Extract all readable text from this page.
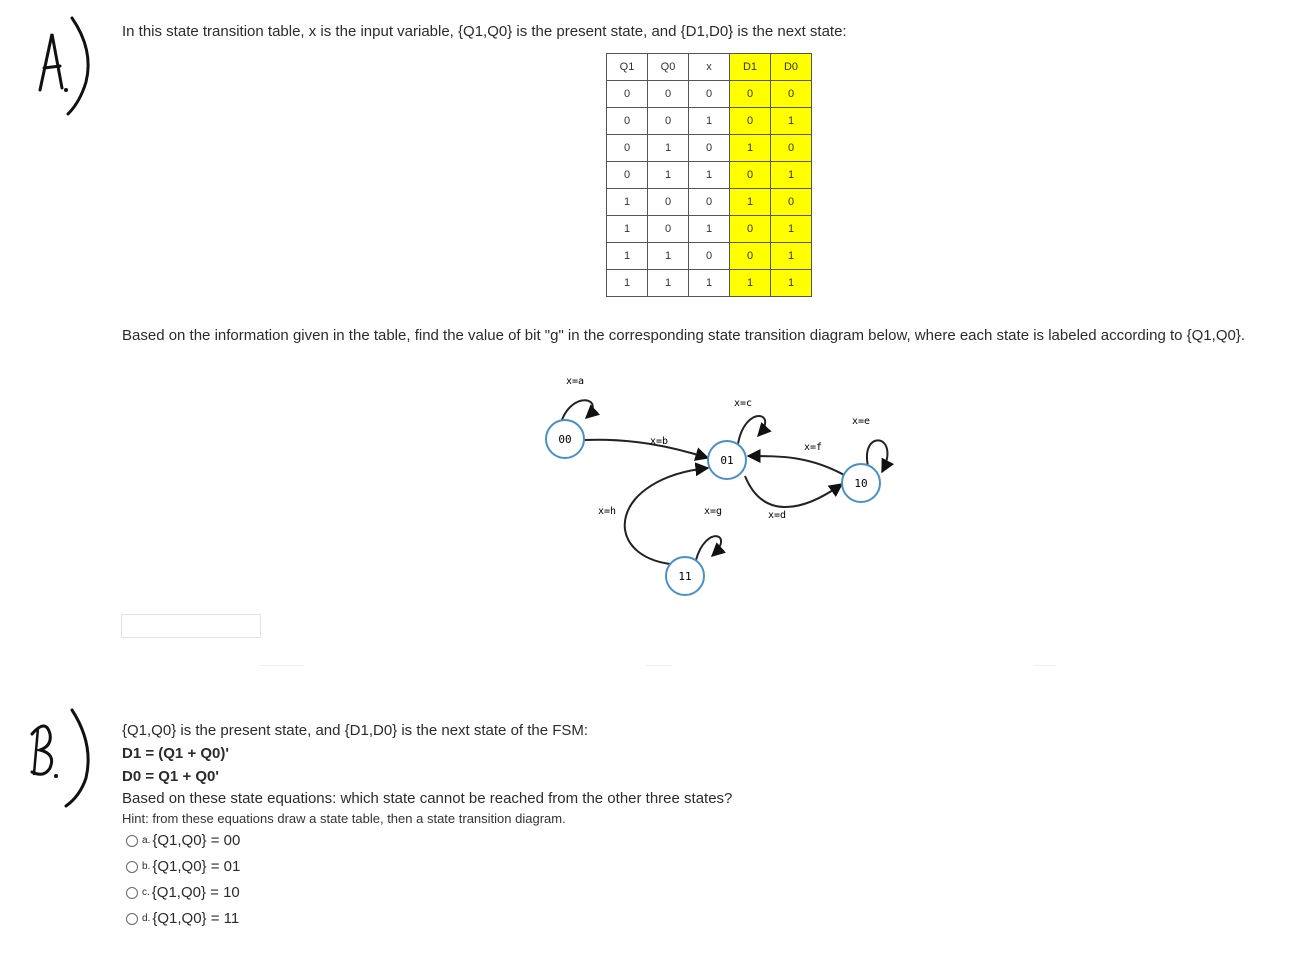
In this state transition table, x is the input variable, {Q1,Q0} is the present state, and {D1,D0} is the next state:
Q1	Q0	x	D1	D0
0	0	0	0	0
0	0	1	0	1
0	1	0	1	0
0	1	1	0	1
1	0	0	1	0
1	0	1	0	1
1	1	0	0	1
1	1	1	1	1
Based on the information given in the table, find the value of bit "g" in the corresponding state transition diagram below, where each state is labeled according to {Q1,Q0}.
00
01
10
11
x=a
x=b
x=c
x=d
x=e
x=f
x=g
x=h
{Q1,Q0} is the present state, and {D1,D0} is the next state of the FSM:
D1 = (Q1 + Q0)'
D0 = Q1 + Q0'
Based on these state equations: which state cannot be reached from the other three states?
Hint: from these equations draw a state table, then a state transition diagram.
a. {Q1,Q0} = 00
b. {Q1,Q0} = 01
c. {Q1,Q0} = 10
d. {Q1,Q0} = 11
